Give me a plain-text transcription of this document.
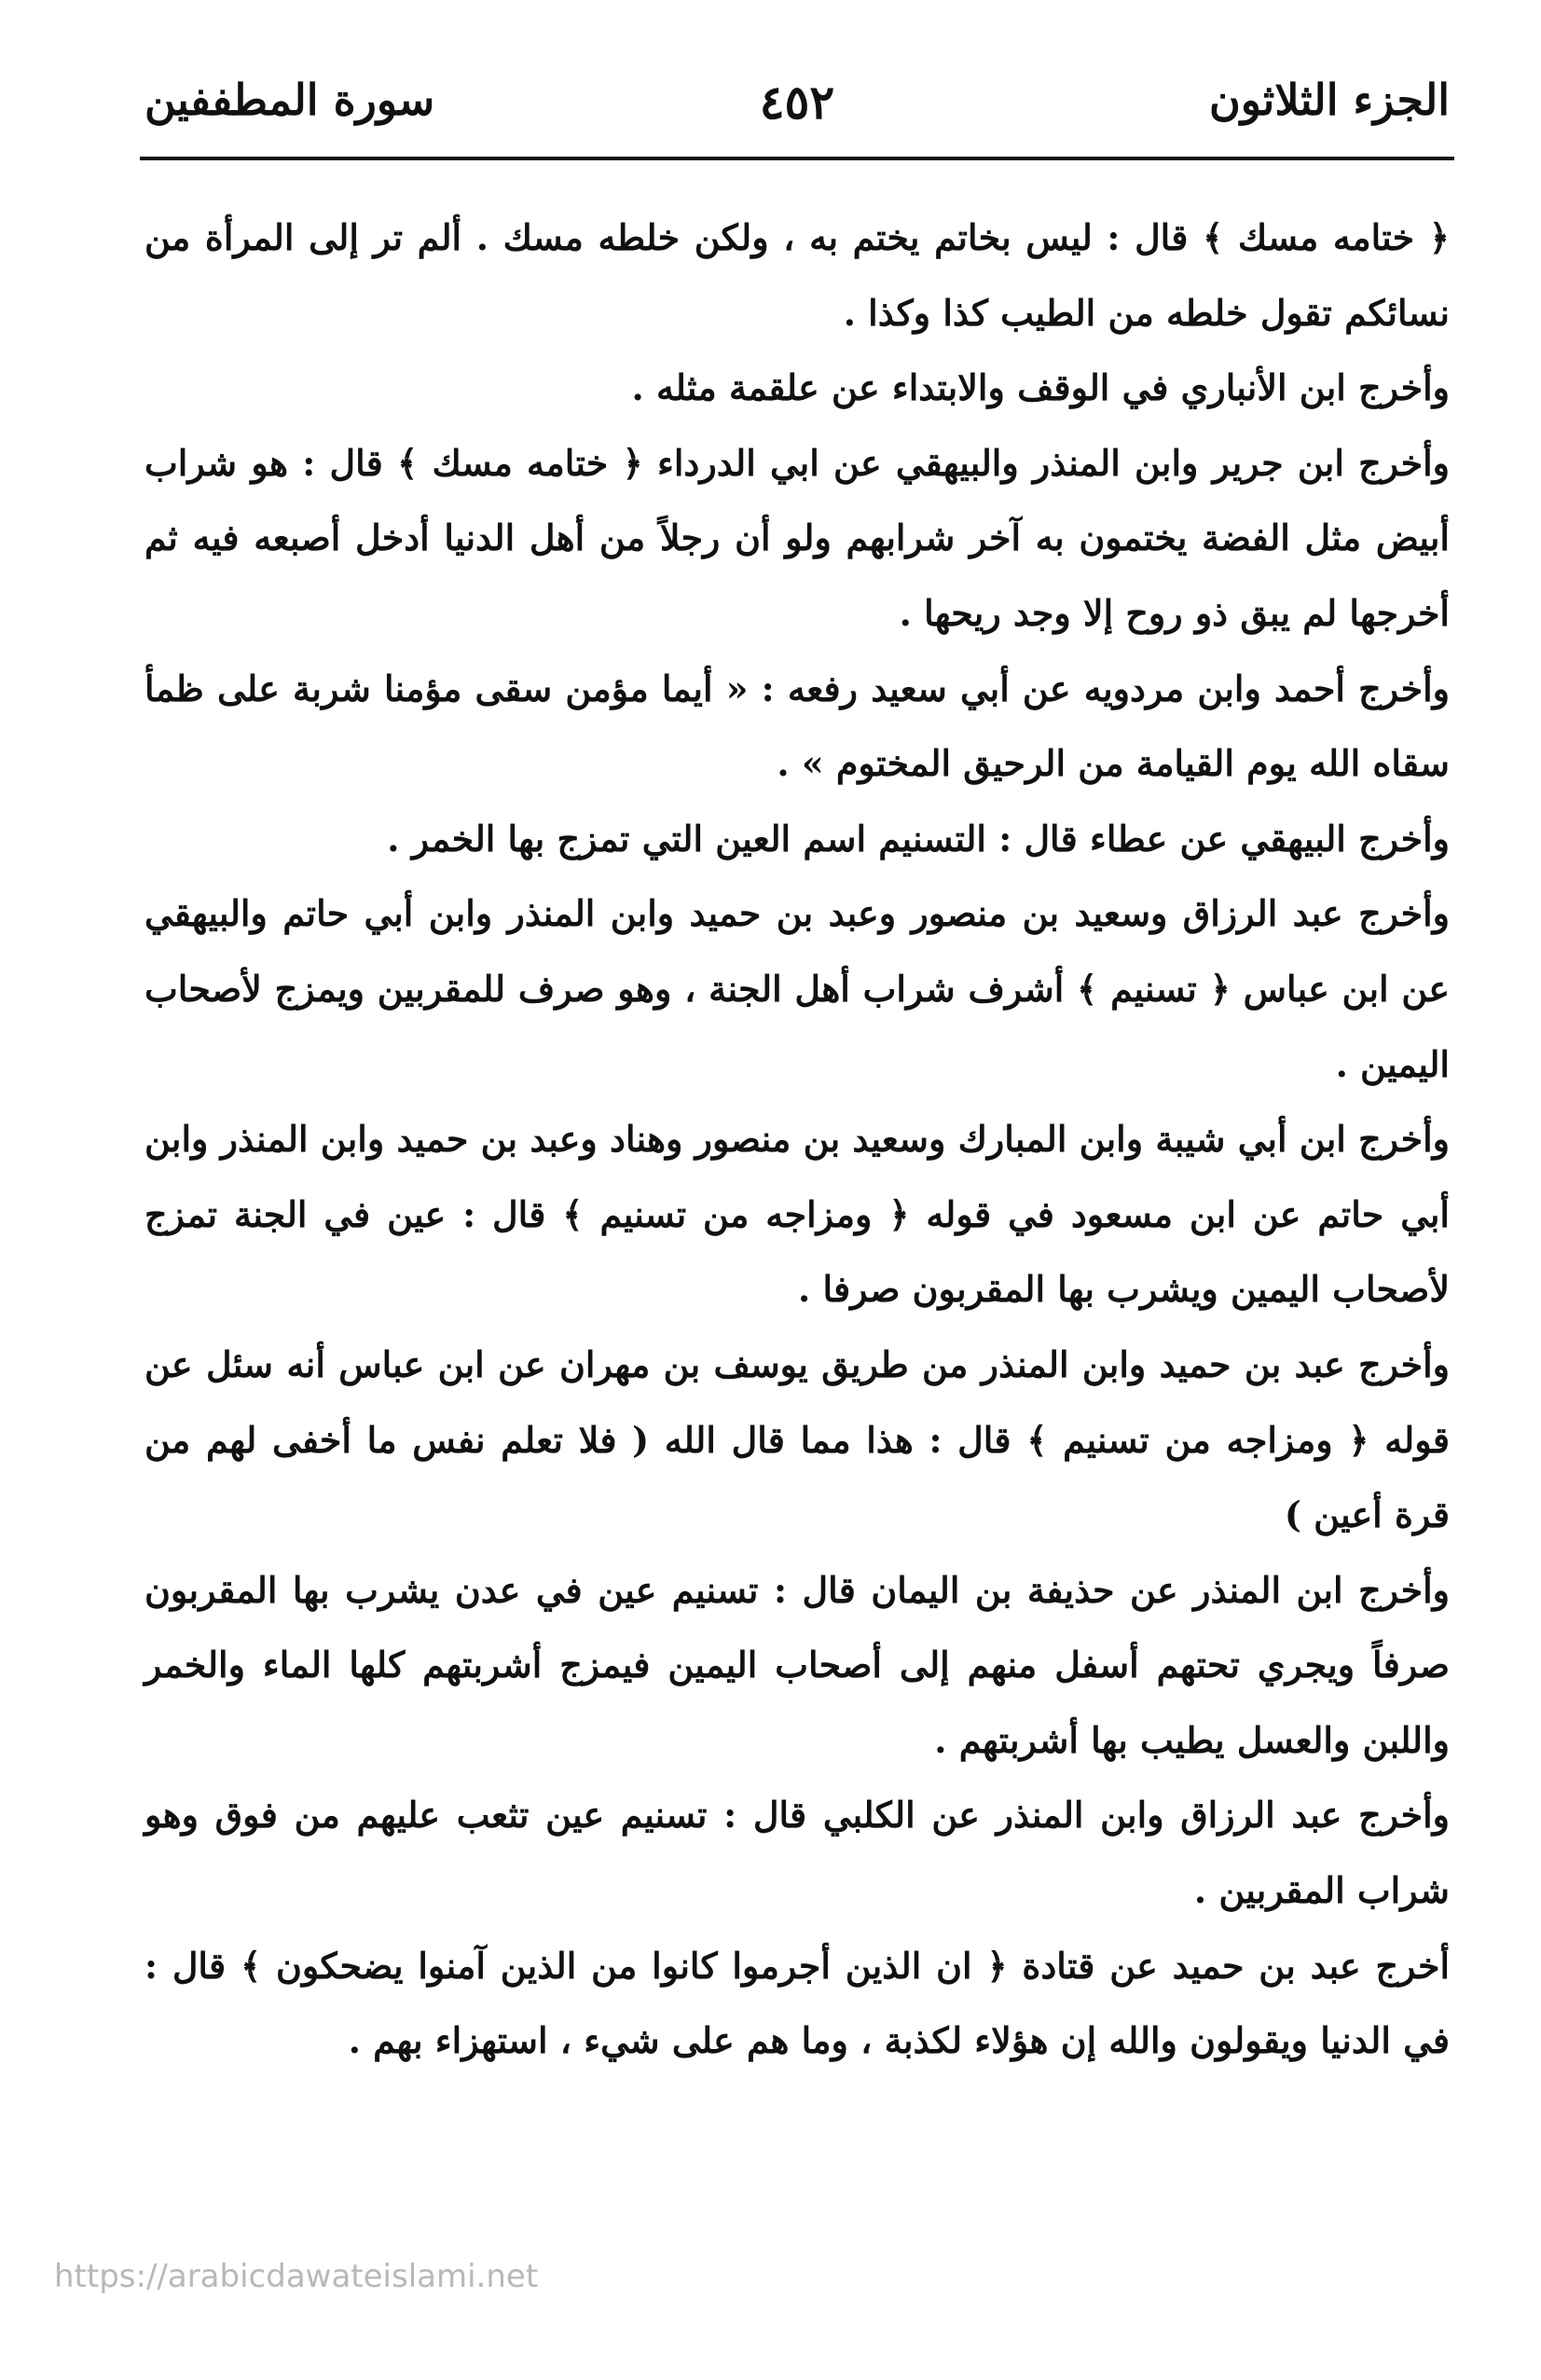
الجزء الثلاثون
٤٥٢
سورة المطففين

﴿ ختامه مسك ﴾ قال : ليس بخاتم يختم به ، ولكن خلطه مسك . ألم تر إلى المرأة من نسائكم تقول خلطه من الطيب كذا وكذا .

وأخرج ابن الأنباري في الوقف والابتداء عن علقمة مثله .

وأخرج ابن جرير وابن المنذر والبيهقي عن ابي الدرداء ﴿ ختامه مسك ﴾ قال : هو شراب أبيض مثل الفضة يختمون به آخر شرابهم ولو أن رجلاً من أهل الدنيا أدخل أصبعه فيه ثم أخرجها لم يبق ذو روح إلا وجد ريحها .

وأخرج أحمد وابن مردويه عن أبي سعيد رفعه : « أيما مؤمن سقى مؤمنا شربة على ظمأ سقاه الله يوم القيامة من الرحيق المختوم » .

وأخرج البيهقي عن عطاء قال : التسنيم اسم العين التي تمزج بها الخمر .

وأخرج عبد الرزاق وسعيد بن منصور وعبد بن حميد وابن المنذر وابن أبي حاتم والبيهقي عن ابن عباس ﴿ تسنيم ﴾ أشرف شراب أهل الجنة ، وهو صرف للمقربين ويمزج لأصحاب اليمين .

وأخرج ابن أبي شيبة وابن المبارك وسعيد بن منصور وهناد وعبد بن حميد وابن المنذر وابن أبي حاتم عن ابن مسعود في قوله ﴿ ومزاجه من تسنيم ﴾ قال : عين في الجنة تمزج لأصحاب اليمين ويشرب بها المقربون صرفا .

وأخرج عبد بن حميد وابن المنذر من طريق يوسف بن مهران عن ابن عباس أنه سئل عن قوله ﴿ ومزاجه من تسنيم ﴾ قال : هذا مما قال الله ( فلا تعلم نفس ما أخفى لهم من قرة أعين )

وأخرج ابن المنذر عن حذيفة بن اليمان قال : تسنيم عين في عدن يشرب بها المقربون صرفاً ويجري تحتهم أسفل منهم إلى أصحاب اليمين فيمزج أشربتهم كلها الماء والخمر واللبن والعسل يطيب بها أشربتهم .

وأخرج عبد الرزاق وابن المنذر عن الكلبي قال : تسنيم عين تثعب عليهم من فوق وهو شراب المقربين .

أخرج عبد بن حميد عن قتادة ﴿ ان الذين أجرموا كانوا من الذين آمنوا يضحكون ﴾ قال : في الدنيا ويقولون والله إن هؤلاء لكذبة ، وما هم على شيء ، استهزاء بهم .

https://arabicdawateislami.net
